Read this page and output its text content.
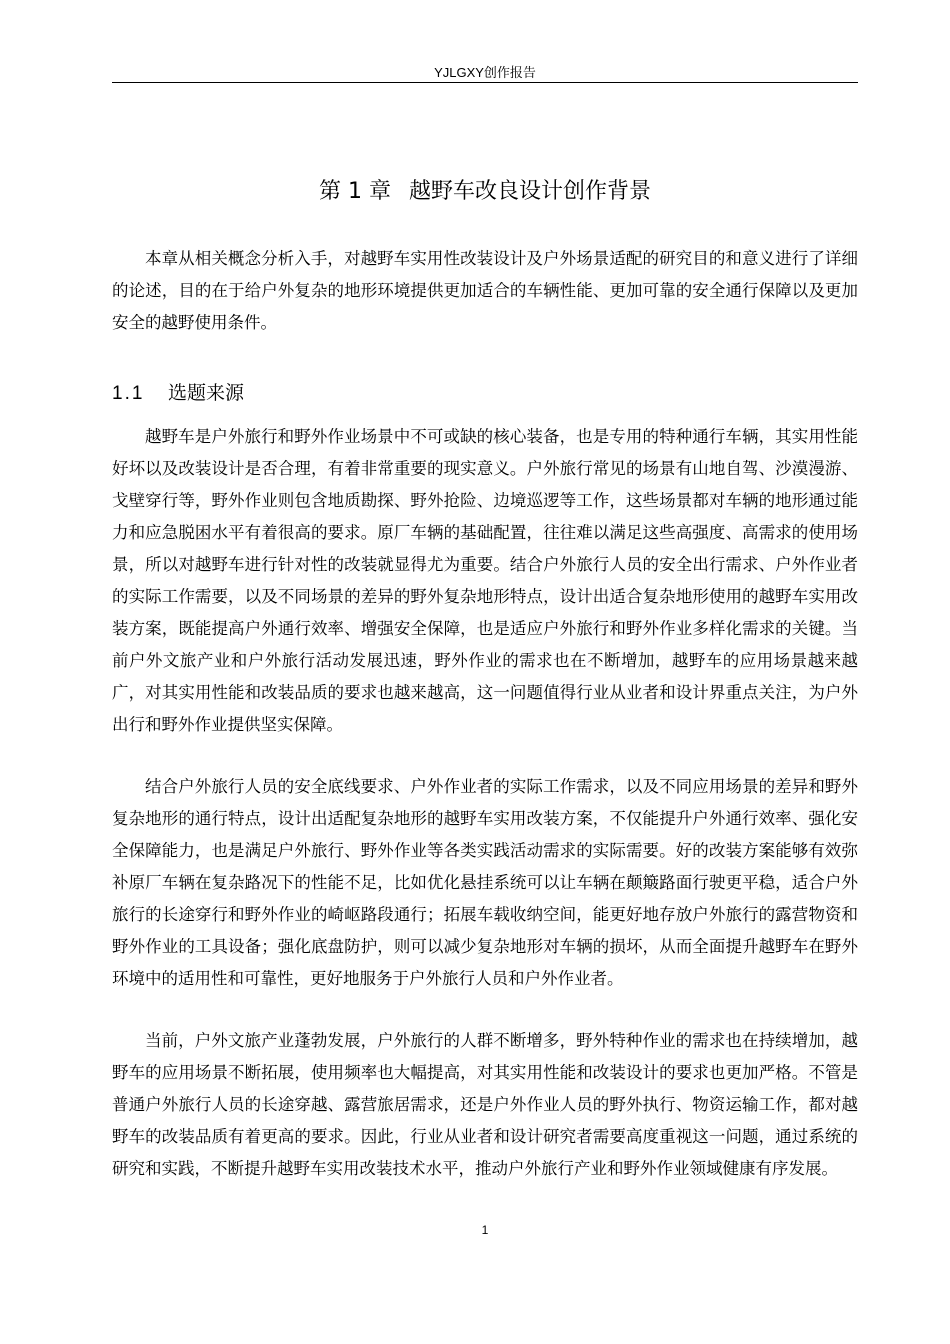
YJLGXY创作报告
第 1 章 越野车改良设计创作背景

本章从相关概念分析入手，对越野车实用性改装设计及户外场景适配的研究目的和意义进行了详细的论述，目的在于给户外复杂的地形环境提供更加适合的车辆性能、更加可靠的安全通行保障以及更加安全的越野使用条件。

1.1 选题来源

越野车是户外旅行和野外作业场景中不可或缺的核心装备，也是专用的特种通行车辆，其实用性能好坏以及改装设计是否合理，有着非常重要的现实意义。户外旅行常见的场景有山地自驾、沙漠漫游、戈壁穿行等，野外作业则包含地质勘探、野外抢险、边境巡逻等工作，这些场景都对车辆的地形通过能力和应急脱困水平有着很高的要求。原厂车辆的基础配置，往往难以满足这些高强度、高需求的使用场景，所以对越野车进行针对性的改装就显得尤为重要。结合户外旅行人员的安全出行需求、户外作业者的实际工作需要，以及不同场景的差异的野外复杂地形特点，设计出适合复杂地形使用的越野车实用改装方案，既能提高户外通行效率、增强安全保障，也是适应户外旅行和野外作业多样化需求的关键。当前户外文旅产业和户外旅行活动发展迅速，野外作业的需求也在不断增加，越野车的应用场景越来越广，对其实用性能和改装品质的要求也越来越高，这一问题值得行业从业者和设计界重点关注，为户外出行和野外作业提供坚实保障。

结合户外旅行人员的安全底线要求、户外作业者的实际工作需求，以及不同应用场景的差异和野外复杂地形的通行特点，设计出适配复杂地形的越野车实用改装方案，不仅能提升户外通行效率、强化安全保障能力，也是满足户外旅行、野外作业等各类实践活动需求的实际需要。好的改装方案能够有效弥补原厂车辆在复杂路况下的性能不足，比如优化悬挂系统可以让车辆在颠簸路面行驶更平稳，适合户外旅行的长途穿行和野外作业的崎岖路段通行；拓展车载收纳空间，能更好地存放户外旅行的露营物资和野外作业的工具设备；强化底盘防护，则可以减少复杂地形对车辆的损坏，从而全面提升越野车在野外环境中的适用性和可靠性，更好地服务于户外旅行人员和户外作业者。

当前，户外文旅产业蓬勃发展，户外旅行的人群不断增多，野外特种作业的需求也在持续增加，越野车的应用场景不断拓展，使用频率也大幅提高，对其实用性能和改装设计的要求也更加严格。不管是普通户外旅行人员的长途穿越、露营旅居需求，还是户外作业人员的野外执行、物资运输工作，都对越野车的改装品质有着更高的要求。因此，行业从业者和设计研究者需要高度重视这一问题，通过系统的研究和实践，不断提升越野车实用改装技术水平，推动户外旅行产业和野外作业领域健康有序发展。

1
